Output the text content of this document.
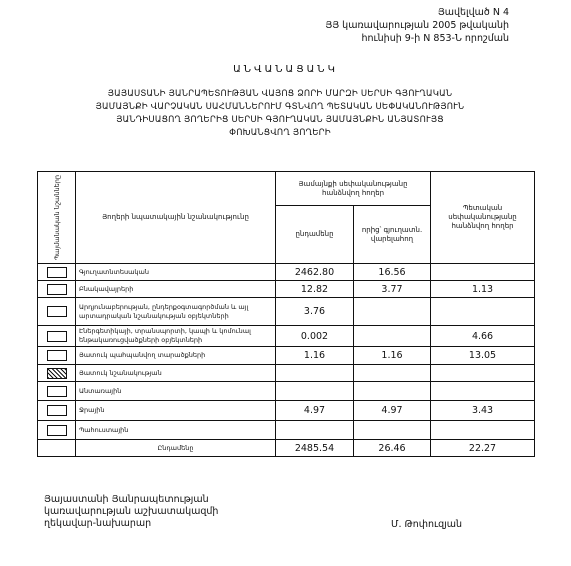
Յավելված N 4
ՅՅ կառավարության 2005 թվականի
հունիսի 9-ի N 853-Ն որոշման
ԱՆՎԱՆԱՑԱՆԿ
ՅԱՅԱՍՏԱՆԻ ՅԱՆՐԱՊԵՏՈՒԹՅԱՆ ՎԱՅՈՑ ՁՈՐԻ ՄԱՐԶԻ ՍԵՐՍԻ ԳՅՈՒՂԱԿԱՆ
ՅԱՄԱՅՆՔԻ ՎԱՐՉԱԿԱՆ ՍԱՀՄԱՆՆԵՐՈՒՄ ԳՏՆՎՈՂ ՊԵՏԱԿԱՆ ՍԵՓԱԿԱՆՈՒԹՅՈՒՆ
ՅԱՆԴԻՍԱՑՈՂ ՅՈՂԵՐԻՑ ՍԵՐՍԻ ԳՅՈՒՂԱԿԱՆ ՅԱՄԱՅՆՔԻՆ ԱՆՅԱՏՈՒՅՑ
ՓՈԽԱՆՑՎՈՂ ՅՈՂԵՐԻ
Պայմանական նշանները	Յողերի նպատակային նշանակությունը	Յամայնքի սեփականությանը հանձնվող հողեր		Պետական սեփականությանը հանձնվող հողեր
		ընդամենը	որից՝ գյուղատն. վարելահող	

	Գյուղատնտեսական	2462.80	16.56	

	Բնակավայրերի	12.82	3.77	1.13

	Արդյունաբերության, ընդերքօգտագործման և այլ արտադրական նշանակության օբյեկտների	3.76		

	Էներգետիկայի, տրանսպորտի, կապի և կոմունալ ենթակառուցվածքների օբյեկտների	0.002		4.66

	Յատուկ պահպանվող տարածքների	1.16	1.16	13.05

	Յատուկ նշանակության			

	Անտառային			

	Ջրային	4.97	4.97	3.43

	Պահուստային			
	Ընդամենը	2485.54	26.46	22.27
Յայաստանի Յանրապետության
կառավարության աշխատակազմի
ղեկավար-նախարար	Մ. Թոփուզյան
